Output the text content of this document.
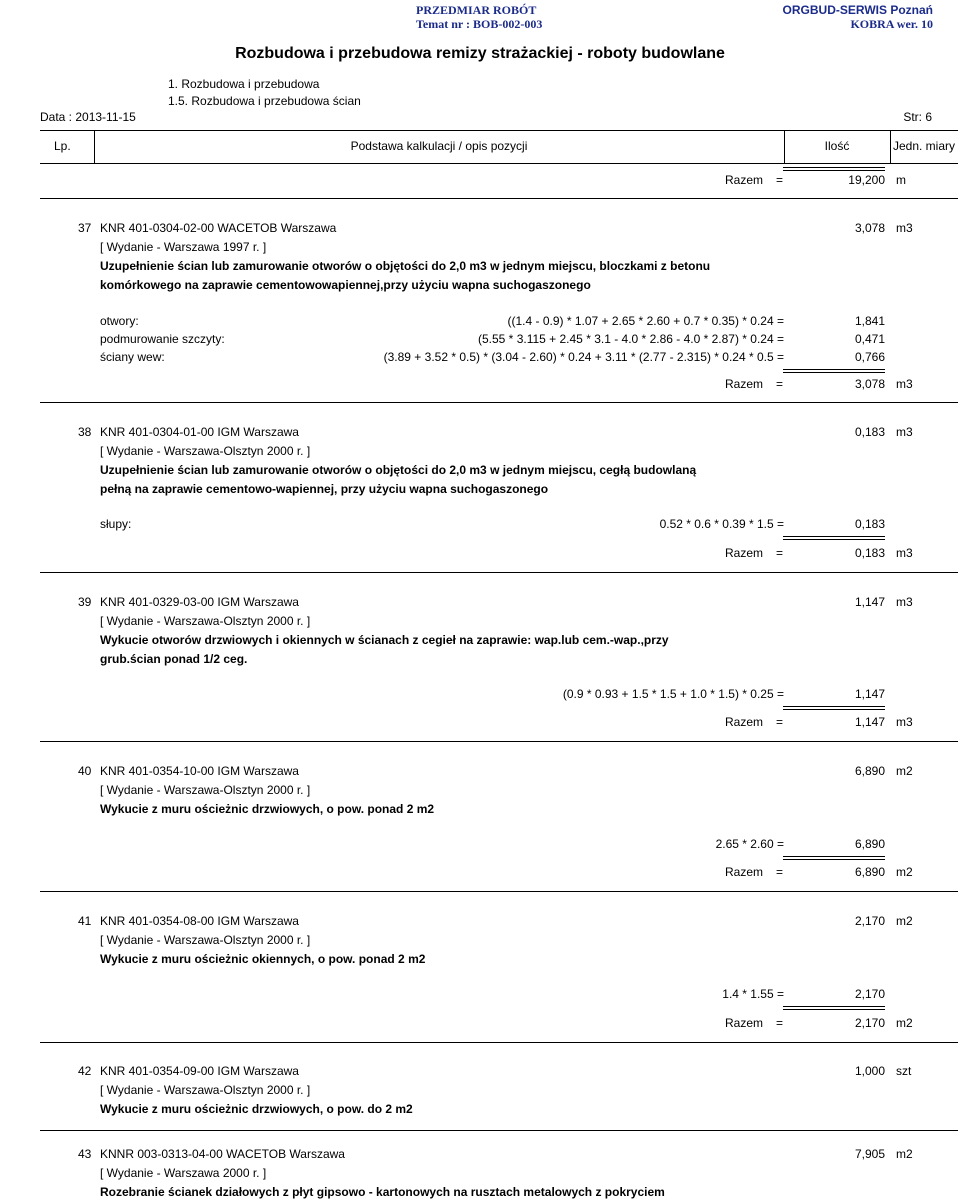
PRZEDMIAR ROBÓT
Temat nr : BOB-002-003
ORGBUD-SERWIS Poznań
KOBRA wer. 10
Rozbudowa i przebudowa remizy strażackiej - roboty budowlane
1. Rozbudowa i przebudowa
1.5. Rozbudowa i przebudowa ścian
Data : 2013-11-15	Str: 6
Lp.	Podstawa kalkulacji / opis pozycji	Ilość	Jedn. miary
Razem =	19,200 m
37 KNR 401-0304-02-00 WACETOB Warszawa	3,078 m3
[ Wydanie - Warszawa 1997 r. ]
Uzupełnienie ścian lub zamurowanie otworów o objętości do 2,0 m3 w jednym miejscu, bloczkami z betonu
komórkowego na zaprawie cementowowapiennej,przy użyciu wapna suchogaszonego
otwory:	((1.4 - 0.9) * 1.07 + 2.65 * 2.60 + 0.7 * 0.35) * 0.24 =	1,841
podmurowanie szczyty:	(5.55 * 3.115 + 2.45 * 3.1 - 4.0 * 2.86 - 4.0 * 2.87) * 0.24 =	0,471
ściany wew:	(3.89 + 3.52 * 0.5) * (3.04 - 2.60) * 0.24 + 3.11 * (2.77 - 2.315) * 0.24 * 0.5 =	0,766
Razem =	3,078 m3
38 KNR 401-0304-01-00 IGM Warszawa	0,183 m3
[ Wydanie - Warszawa-Olsztyn 2000 r. ]
Uzupełnienie ścian lub zamurowanie otworów o objętości do 2,0 m3 w jednym miejscu, cegłą budowlaną
pełną na zaprawie cementowo-wapiennej, przy użyciu wapna suchogaszonego
słupy:	0.52 * 0.6 * 0.39 * 1.5 =	0,183
Razem =	0,183 m3
39 KNR 401-0329-03-00 IGM Warszawa	1,147 m3
[ Wydanie - Warszawa-Olsztyn 2000 r. ]
Wykucie otworów drzwiowych i okiennych w ścianach z cegieł na zaprawie: wap.lub cem.-wap.,przy
grub.ścian ponad 1/2 ceg.
(0.9 * 0.93 + 1.5 * 1.5 + 1.0 * 1.5) * 0.25 =	1,147
Razem =	1,147 m3
40 KNR 401-0354-10-00 IGM Warszawa	6,890 m2
[ Wydanie - Warszawa-Olsztyn 2000 r. ]
Wykucie z muru ościeżnic drzwiowych, o pow. ponad 2 m2
2.65 * 2.60 =	6,890
Razem =	6,890 m2
41 KNR 401-0354-08-00 IGM Warszawa	2,170 m2
[ Wydanie - Warszawa-Olsztyn 2000 r. ]
Wykucie z muru ościeżnic okiennych, o pow. ponad 2 m2
1.4 * 1.55 =	2,170
Razem =	2,170 m2
42 KNR 401-0354-09-00 IGM Warszawa	1,000 szt
[ Wydanie - Warszawa-Olsztyn 2000 r. ]
Wykucie z muru ościeżnic drzwiowych, o pow. do 2 m2
43 KNNR 003-0313-04-00 WACETOB Warszawa	7,905 m2
[ Wydanie - Warszawa 2000 r. ]
Rozebranie ścianek działowych z płyt gipsowo - kartonowych na rusztach metalowych z pokryciem
